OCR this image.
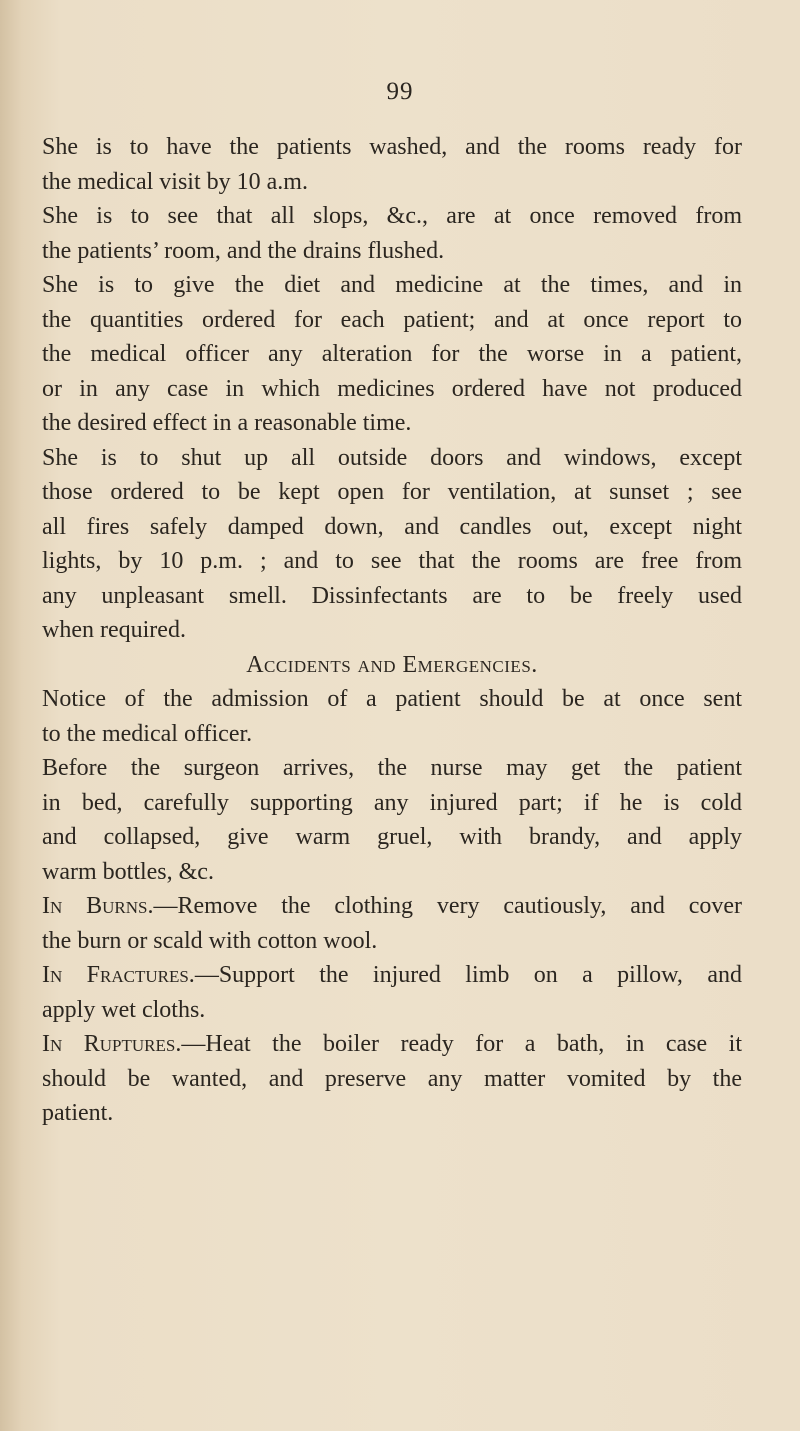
99
She is to have the patients washed, and the rooms ready for
the medical visit by 10 a.m.
She is to see that all slops, &c., are at once removed from
the patients’ room, and the drains flushed.
She is to give the diet and medicine at the times, and in
the quantities ordered for each patient; and at once report to
the medical officer any alteration for the worse in a patient,
or in any case in which medicines ordered have not produced
the desired effect in a reasonable time.
She is to shut up all outside doors and windows, except
those ordered to be kept open for ventilation, at sunset ; see
all fires safely damped down, and candles out, except night
lights, by 10 p.m. ; and to see that the rooms are free from
any unpleasant smell. Dissinfectants are to be freely used
when required.
Accidents and Emergencies.
Notice of the admission of a patient should be at once sent
to the medical officer.
Before the surgeon arrives, the nurse may get the patient
in bed, carefully supporting any injured part; if he is cold
and collapsed, give warm gruel, with brandy, and apply
warm bottles, &c.
In Burns.—Remove the clothing very cautiously, and cover
the burn or scald with cotton wool.
In Fractures.—Support the injured limb on a pillow, and
apply wet cloths.
In Ruptures.—Heat the boiler ready for a bath, in case it
should be wanted, and preserve any matter vomited by the
patient.
